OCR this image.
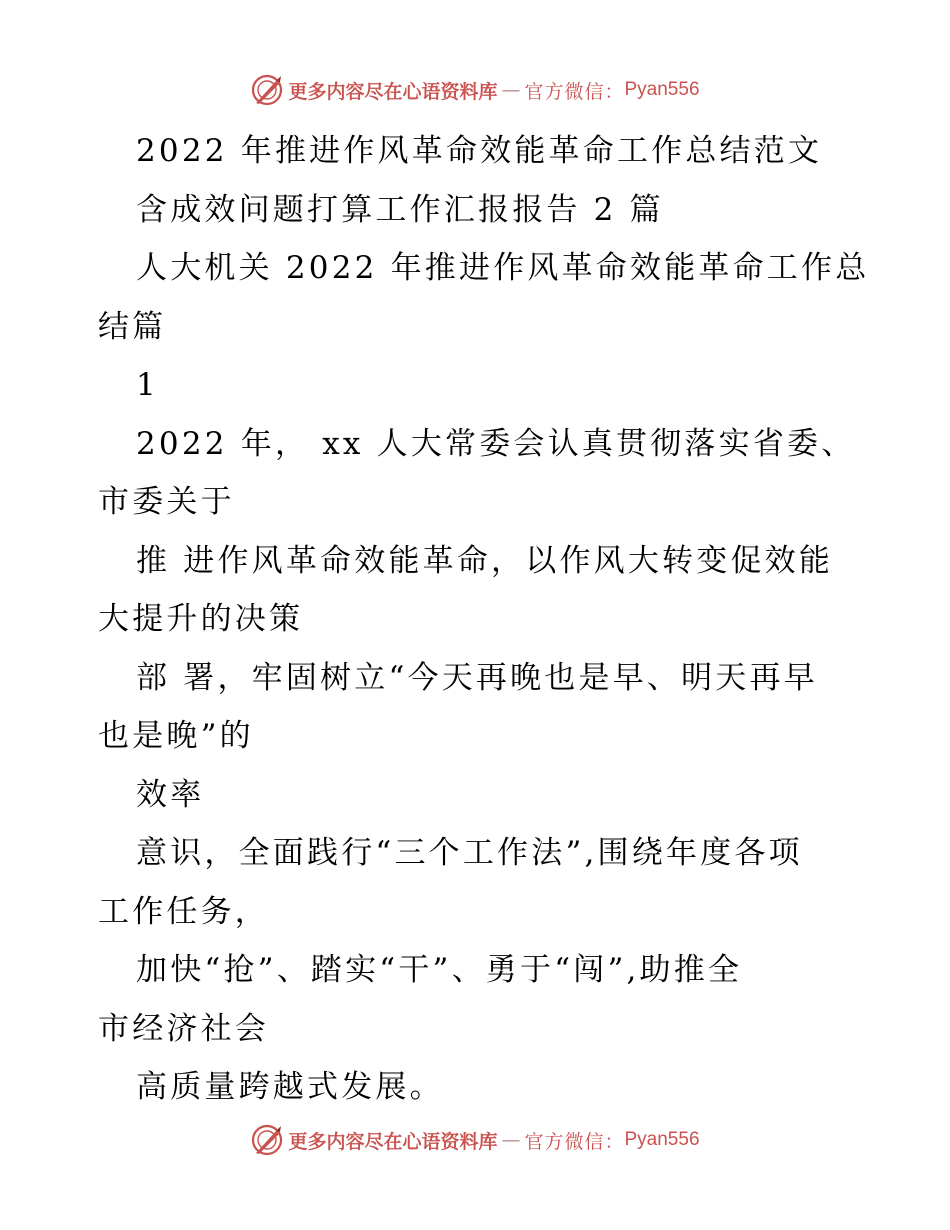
更多内容尽在心语资料库 — 官方微信： Pyan556
2022 年推进作风革命效能革命工作总结范文
含成效问题打算工作汇报报告 2 篇
人大机关 2022 年推进作风革命效能革命工作总
结篇
1
2022 年， xx 人大常委会认真贯彻落实省委、
市委关于
推 进作风革命效能革命，以作风大转变促效能
大提升的决策
部 署，牢固树立“今天再晚也是早、明天再早
也是晚”的
效率
意识，全面践行“三个工作法”,围绕年度各项
工作任务，
加快“抢”、踏实“干”、勇于“闯”,助推全
市经济社会
高质量跨越式发展。
更多内容尽在心语资料库 — 官方微信： Pyan556
